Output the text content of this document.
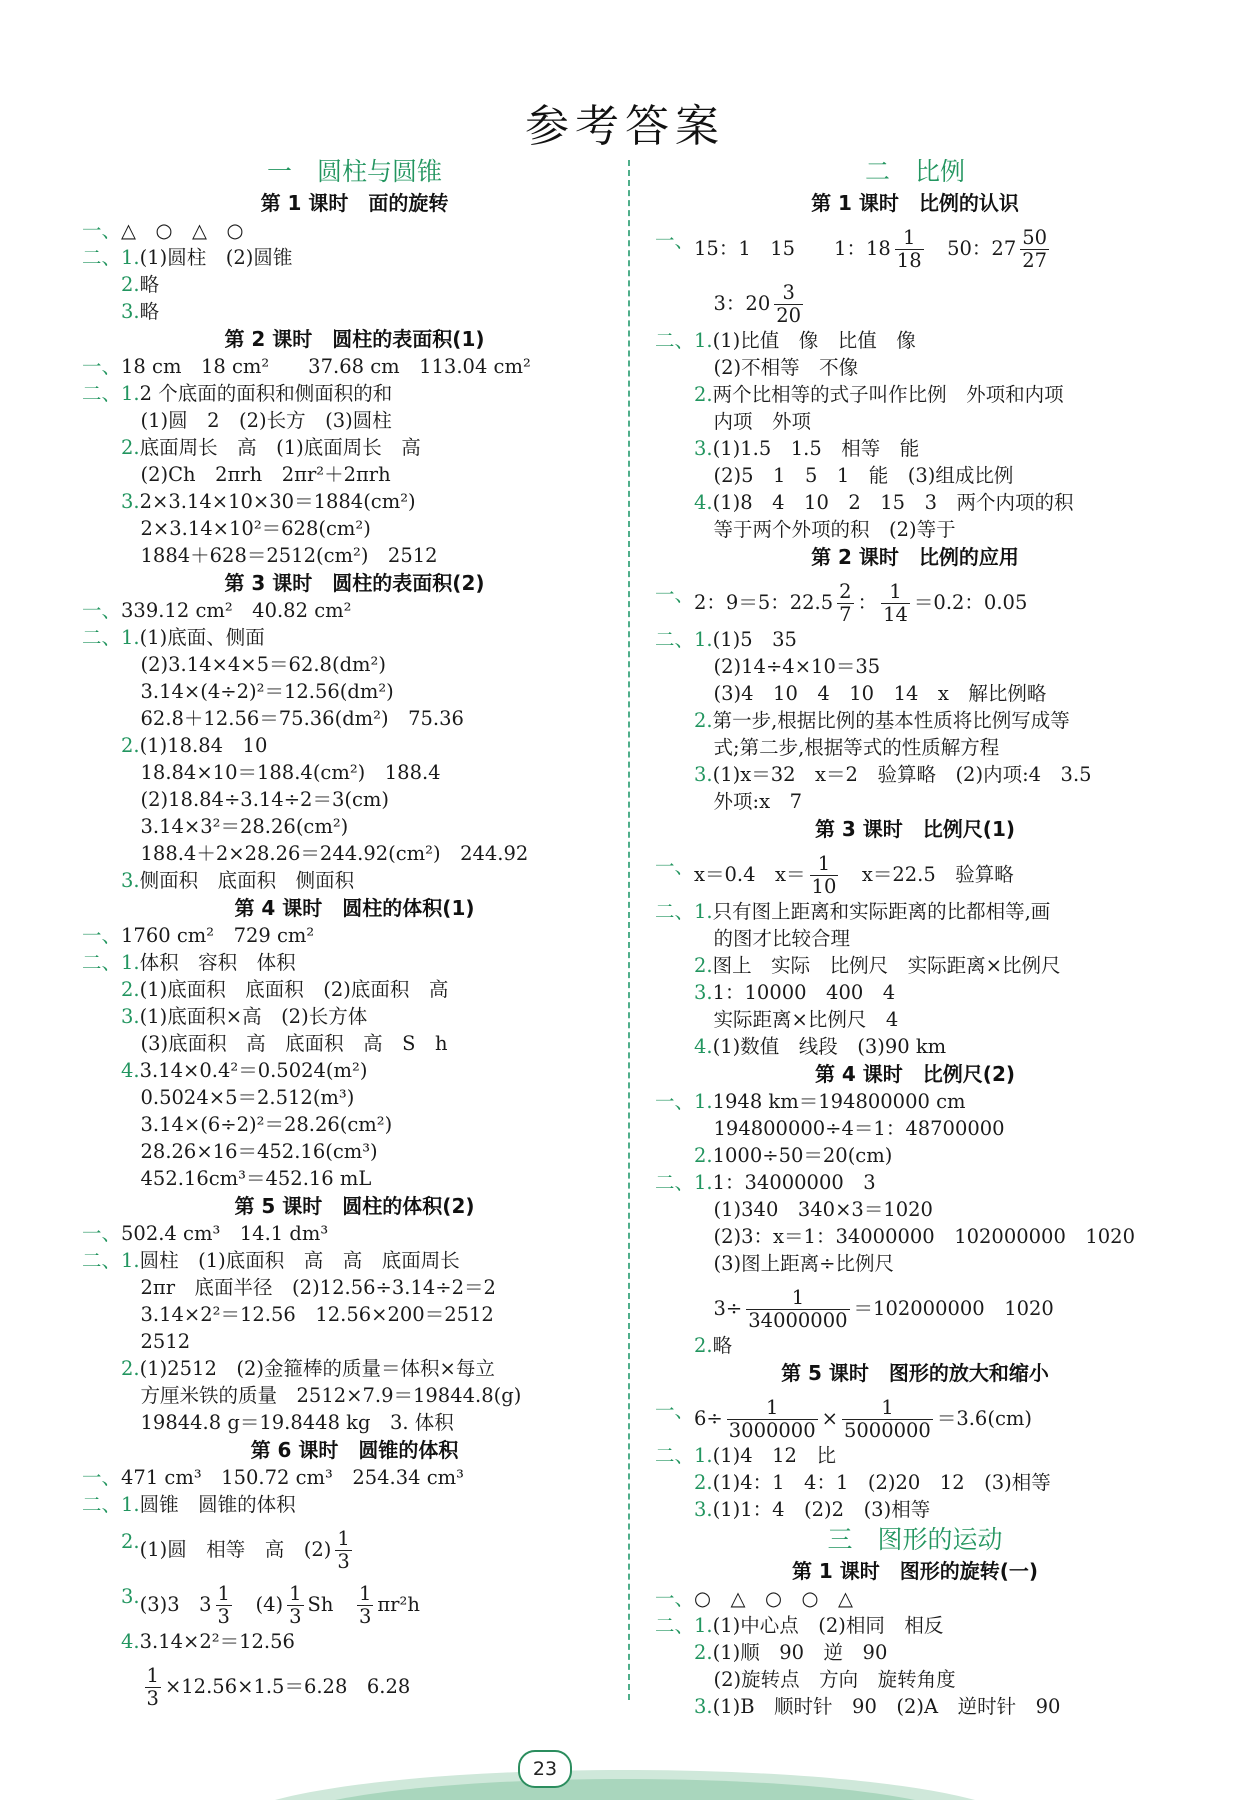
参考答案
一　圆柱与圆锥
第 1 课时　面的旋转
一、 △　○　△　○
二、1. (1)圆柱　(2)圆锥
　　2. 略
　　3. 略
第 2 课时　圆柱的表面积(1)
一、 18 cm　18 cm²　　37.68 cm　113.04 cm²
二、1. 2 个底面的面积和侧面积的和
(1)圆　2　(2)长方　(3)圆柱
　　2. 底面周长　高　(1)底面周长　高
(2)Ch　2πrh　2πr²＋2πrh
　　3. 2×3.14×10×30＝1884(cm²)
2×3.14×10²＝628(cm²)
1884＋628＝2512(cm²)　2512
第 3 课时　圆柱的表面积(2)
一、 339.12 cm²　40.82 cm²
二、1. (1)底面、侧面
(2)3.14×4×5＝62.8(dm²)
3.14×(4÷2)²＝12.56(dm²)
62.8＋12.56＝75.36(dm²)　75.36
　　2. (1)18.84　10
18.84×10＝188.4(cm²)　188.4
(2)18.84÷3.14÷2＝3(cm)
3.14×3²＝28.26(cm²)
188.4＋2×28.26＝244.92(cm²)　244.92
　　3. 侧面积　底面积　侧面积
第 4 课时　圆柱的体积(1)
一、 1760 cm²　729 cm²
二、1. 体积　容积　体积
　　2. (1)底面积　底面积　(2)底面积　高
　　3. (1)底面积×高　(2)长方体
(3)底面积　高　底面积　高　S　h
　　4. 3.14×0.4²＝0.5024(m²)
0.5024×5＝2.512(m³)
3.14×(6÷2)²＝28.26(cm²)
28.26×16＝452.16(cm³)
452.16cm³＝452.16 mL
第 5 课时　圆柱的体积(2)
一、 502.4 cm³　14.1 dm³
二、1. 圆柱　(1)底面积　高　高　底面周长
2πr　底面半径　(2)12.56÷3.14÷2＝2
3.14×2²＝12.56　12.56×200＝2512
2512
　　2. (1)2512　(2)金箍棒的质量＝体积×每立
方厘米铁的质量　2512×7.9＝19844.8(g)
19844.8 g＝19.8448 kg　3. 体积
第 6 课时　圆锥的体积
一、 471 cm³　150.72 cm³　254.34 cm³
二、1. 圆锥　圆锥的体积
　　2. (1)圆　相等　高　$(2) \frac{1}{3}$
　　3. (3)3　$3 \frac{1}{3}$ 　$(4) \frac{1}{3}$ Sh　 $\frac{1}{3} \pi r^2h$
　　4. 3.14×2²＝12.56
$\frac{1}{3} \times 12.56\times 1.5=6.28$　6.28
二　比例
第 1 课时　比例的认识
一、 15：1　15　　1：$18 \frac{1}{18}$ 　50：$27 \frac{50}{27}$
3：$20 \frac{3}{20}$
二、1. (1)比值　像　比值　像
(2)不相等　不像
　　2. 两个比相等的式子叫作比例　外项和内项
内项　外项
　　3. (1)1.5　1.5　相等　能
(2)5　1　5　1　能　(3)组成比例
　　4. (1)8　4　10　2　15　3　两个内项的积
等于两个外项的积　(2)等于
第 2 课时　比例的应用
一、 2：9＝5：$22.5 \frac{2}{7}$ ： $\frac{1}{14} =0.2$：0.05
二、1. (1)5　35
(2)14÷4×10＝35
(3)4　10　4　10　14　x　解比例略
　　2. 第一步,根据比例的基本性质将比例写成等
式;第二步,根据等式的性质解方程
　　3. (1)x＝32　x＝2　验算略　(2)内项:4　3.5
外项:x　7
第 3 课时　比例尺(1)
一、 x＝0.4　$x= \frac{1}{10}$ 　x＝22.5　验算略
二、1. 只有图上距离和实际距离的比都相等,画
的图才比较合理
　　2. 图上　实际　比例尺　实际距离×比例尺
　　3. 1：10000　400　4
实际距离×比例尺　4
　　4. (1)数值　线段　(3)90 km
第 4 课时　比例尺(2)
一、1. 1948 km＝194800000 cm
194800000÷4＝1：48700000
　　2. 1000÷50＝20(cm)
二、1. 1：34000000　3
(1)340　340×3＝1020
(2)3：x＝1：34000000　102000000　1020
(3)图上距离÷比例尺
$3\div \frac{1}{34000000} =102000000$　1020
　　2. 略
第 5 课时　图形的放大和缩小
一、 $6\div \frac{1}{3000000} \times \frac{1}{5000000} =3.6(cm)$
二、1. (1)4　12　比
　　2. (1)4：1　4：1　(2)20　12　(3)相等
　　3. (1)1：4　(2)2　(3)相等
三　图形的运动
第 1 课时　图形的旋转(一)
一、 ○　△　○　○　△
二、1. (1)中心点　(2)相同　相反
　　2. (1)顺　90　逆　90
(2)旋转点　方向　旋转角度
　　3. (1)B　顺时针　90　(2)A　逆时针　90
23
